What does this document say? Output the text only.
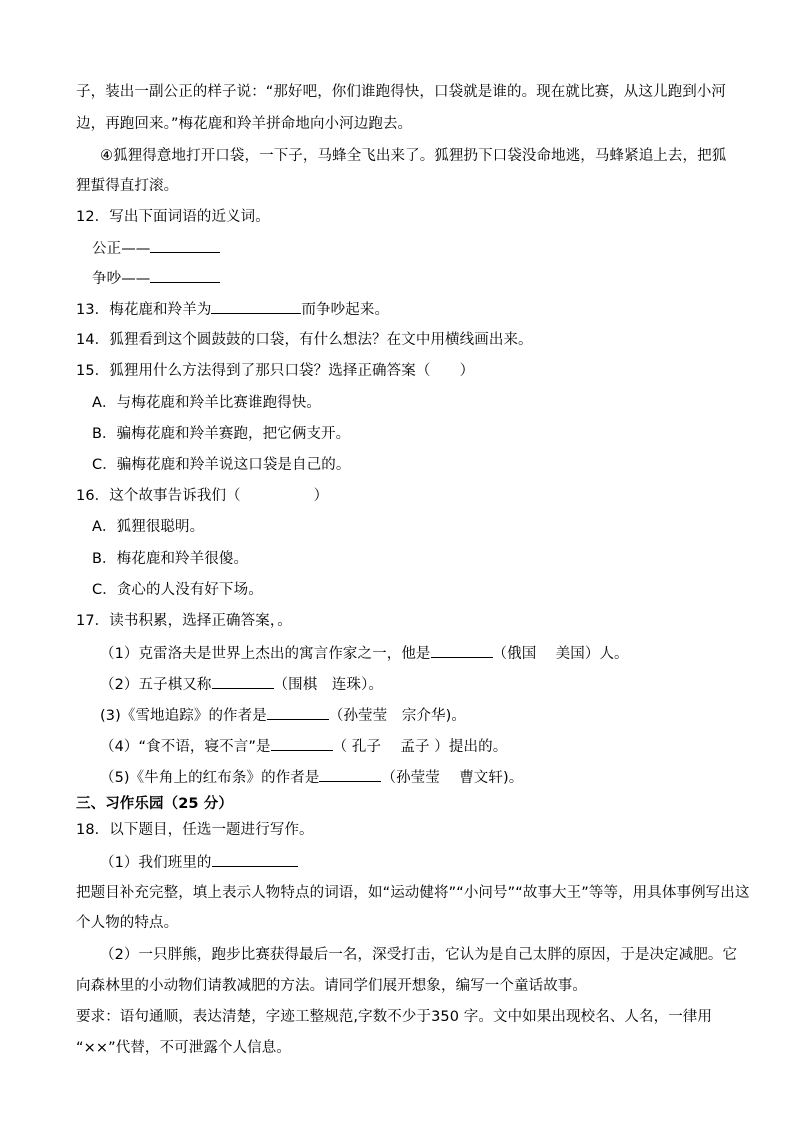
子，装出一副公正的样子说：“那好吧，你们谁跑得快，口袋就是谁的。现在就比赛，从这儿跑到小河
边，再跑回来。”梅花鹿和羚羊拼命地向小河边跑去。
④狐狸得意地打开口袋，一下子，马蜂全飞出来了。狐狸扔下口袋没命地逃，马蜂紧追上去，把狐
狸蜇得直打滚。
12．写出下面词语的近义词。
公正——
争吵——
13．梅花鹿和羚羊为	而争吵起来。
14．狐狸看到这个圆鼓鼓的口袋，有什么想法？在文中用横线画出来。
15．狐狸用什么方法得到了那只口袋？选择正确答案（　　）
A．与梅花鹿和羚羊比赛谁跑得快。
B．骗梅花鹿和羚羊赛跑，把它俩支开。
C．骗梅花鹿和羚羊说这口袋是自己的。
16．这个故事告诉我们（　　　　　）
A．狐狸很聪明。
B．梅花鹿和羚羊很傻。
C．贪心的人没有好下场。
17．读书积累，选择正确答案，。
（1）克雷洛夫是世界上杰出的寓言作家之一，他是	（俄国　 美国）人。
（2）五子棋又称	（围棋　连珠）。
(3)《雪地追踪》的作者是	（孙莹莹　宗介华)。
（4）“食不语，寝不言”是	（ 孔子　 孟子 ）提出的。
（5)《牛角上的红布条》的作者是	（孙莹莹　 曹文轩)。
三、习作乐园（25 分）
18．以下题目，任选一题进行写作。
（1）我们班里的
把题目补充完整，填上表示人物特点的词语，如“运动健将”“小问号”“故事大王”等等，用具体事例写出这
个人物的特点。
（2）一只胖熊，跑步比赛获得最后一名，深受打击，它认为是自己太胖的原因，于是决定减肥。它
向森林里的小动物们请教减肥的方法。请同学们展开想象，编写一个童话故事。
要求：语句通顺，表达清楚，字迹工整规范,字数不少于350 字。文中如果出现校名、人名，一律用
“××”代替，不可泄露个人信息。
